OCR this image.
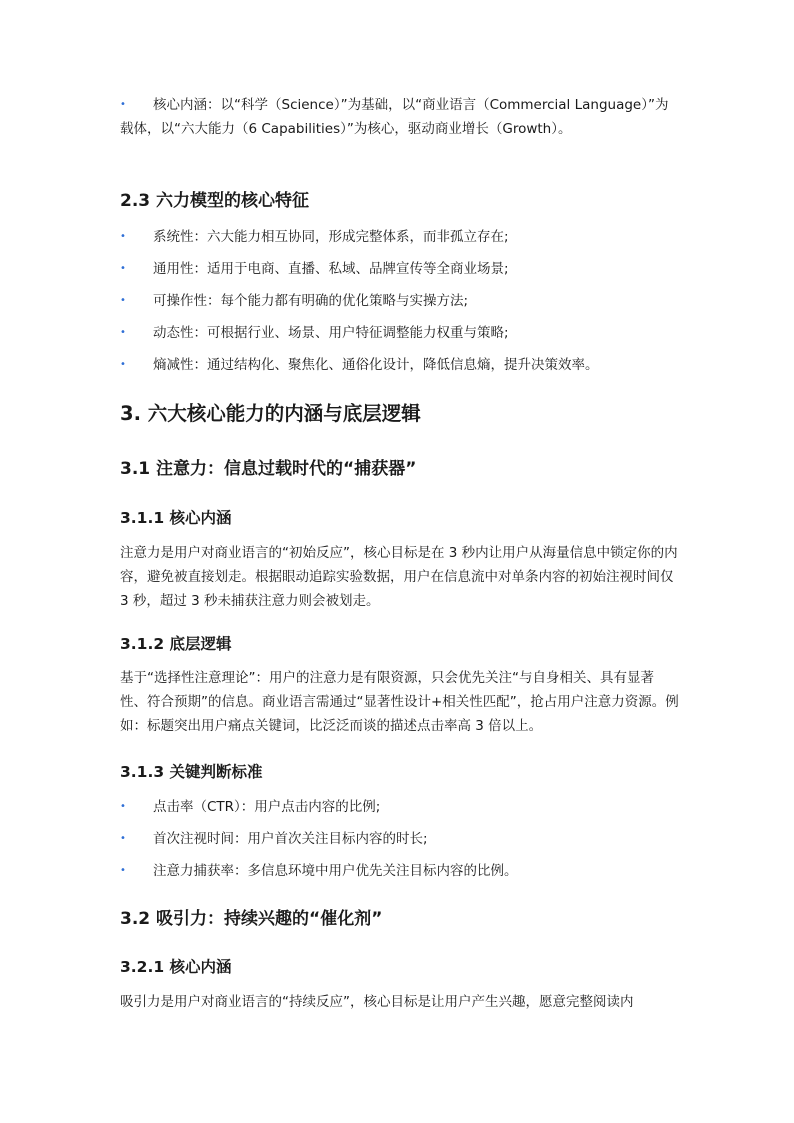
• 核心内涵：以“科学（Science）”为基础，以“商业语言（Commercial Language）”为载体，以“六大能力（6 Capabilities）”为核心，驱动商业增长（Growth）。
2.3 六力模型的核心特征
• 系统性：六大能力相互协同，形成完整体系，而非孤立存在;
• 通用性：适用于电商、直播、私域、品牌宣传等全商业场景;
• 可操作性：每个能力都有明确的优化策略与实操方法;
• 动态性：可根据行业、场景、用户特征调整能力权重与策略;
• 熵减性：通过结构化、聚焦化、通俗化设计，降低信息熵，提升决策效率。
3. 六大核心能力的内涵与底层逻辑
3.1 注意力：信息过载时代的“捕获器”
3.1.1 核心内涵

注意力是用户对商业语言的“初始反应”，核心目标是在 3 秒内让用户从海量信息中锁定你的内容，避免被直接划走。根据眼动追踪实验数据，用户在信息流中对单条内容的初始注视时间仅 3 秒，超过 3 秒未捕获注意力则会被划走。

3.1.2 底层逻辑

基于“选择性注意理论”：用户的注意力是有限资源，只会优先关注“与自身相关、具有显著性、符合预期”的信息。商业语言需通过“显著性设计+相关性匹配”，抢占用户注意力资源。例如：标题突出用户痛点关键词，比泛泛而谈的描述点击率高 3 倍以上。

3.1.3 关键判断标准
• 点击率（CTR）：用户点击内容的比例;
• 首次注视时间：用户首次关注目标内容的时长;
• 注意力捕获率：多信息环境中用户优先关注目标内容的比例。
3.2 吸引力：持续兴趣的“催化剂”
3.2.1 核心内涵

吸引力是用户对商业语言的“持续反应”，核心目标是让用户产生兴趣，愿意完整阅读内
